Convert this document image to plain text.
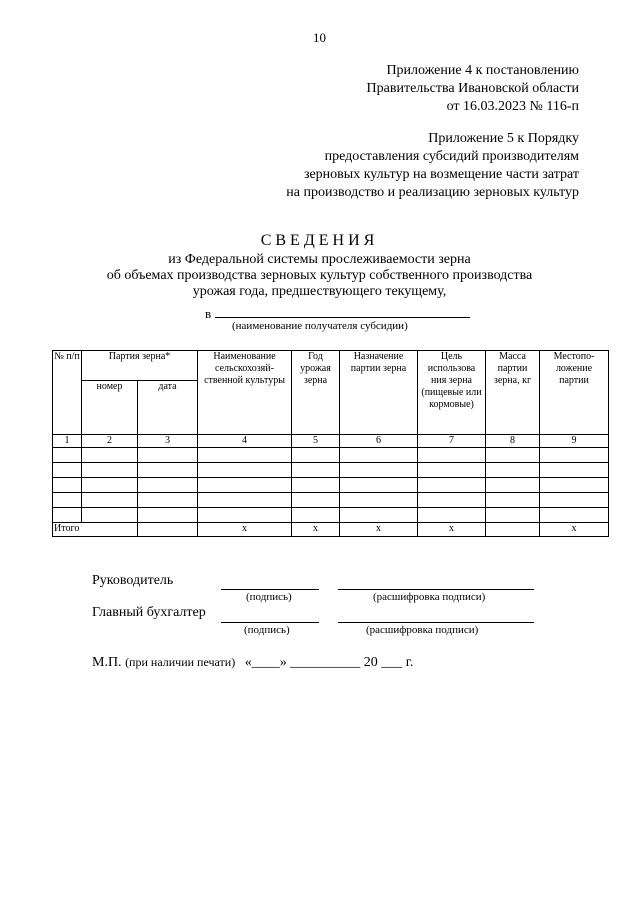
10
Приложение 4 к постановлению
Правительства Ивановской области
от 16.03.2023 № 116-п
Приложение 5 к Порядку
предоставления субсидий производителям
зерновых культур на возмещение части затрат
на производство и реализацию зерновых культур
СВЕДЕНИЯ
из Федеральной системы прослеживаемости зерна
об объемах производства зерновых культур собственного производства
урожая года, предшествующего текущему,
в
(наименование получателя субсидии)
№ п/п	Партия зерна*		Наименование сельскохозяй-ственной культуры	Год урожая зерна	Назначение партии зерна	Цель использова ния зерна (пищевые или кормовые)	Масса партии зерна, кг	Местопо-ложение партии
	номер	дата						
1	2	3	4	5	6	7	8	9

Итого			x	x	x	x		x
Руководитель
(подпись)	(расшифровка подписи)
Главный бухгалтер
(подпись)	(расшифровка подписи)
М.П. (при наличии печати) «____» __________ 20 ___ г.
